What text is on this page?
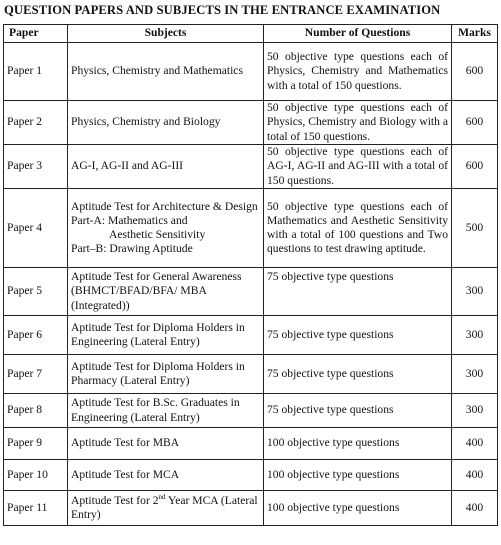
QUESTION PAPERS AND SUBJECTS IN THE ENTRANCE EXAMINATION
Paper	Subjects	Number of Questions	Marks
Paper 1	Physics, Chemistry and Mathematics	50 objective type questions each of Physics, Chemistry and Mathematics with a total of 150 questions.	600
Paper 2	Physics, Chemistry and Biology	50 objective type questions each of Physics, Chemistry and Biology with a total of 150 questions.	600
Paper 3	AG-I, AG-II and AG-III	50 objective type questions each of AG-I, AG-II and AG-III with a total of 150 questions.	600
Paper 4	Aptitude Test for Architecture & Design
Part-A: Mathematics and
Aesthetic Sensitivity
Part–B: Drawing Aptitude	50 objective type questions each of Mathematics and Aesthetic Sensitivity with a total of 100 questions and Two questions to test drawing aptitude.	500
Paper 5	Aptitude Test for General Awareness (BHMCT/BFAD/BFA/ MBA (Integrated))	75 objective type questions	300
Paper 6	Aptitude Test for Diploma Holders in Engineering (Lateral Entry)	75 objective type questions	300
Paper 7	Aptitude Test for Diploma Holders in Pharmacy (Lateral Entry)	75 objective type questions	300
Paper 8	Aptitude Test for B.Sc. Graduates in Engineering (Lateral Entry)	75 objective type questions	300
Paper 9	Aptitude Test for MBA	100 objective type questions	400
Paper 10	Aptitude Test for MCA	100 objective type questions	400
Paper 11	Aptitude Test for 2nd Year MCA (Lateral Entry)	100 objective type questions	400
